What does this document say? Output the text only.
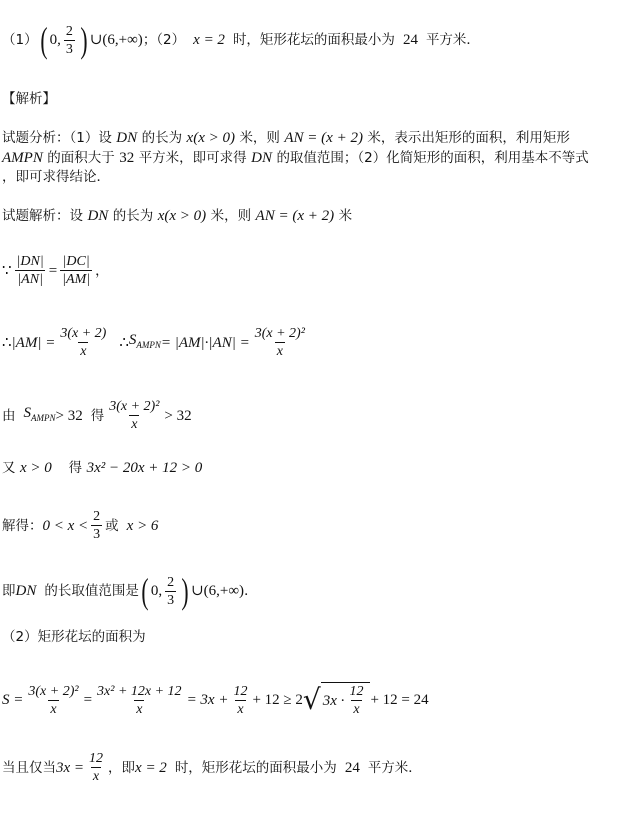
（1） ( 0, $\frac{2}{3}$ ) ∪(6,+∞) ；（2） x = 2 时，矩形花坛的面积最小为 24 平方米．
【解析】
试题分析：（1）设 DN 的长为 x(x > 0) 米，则 AN = (x + 2) 米，表示出矩形的面积，利用矩形
AMPN 的面积大于 32 平方米，即可求得 DN 的取值范围；（2）化简矩形的面积，利用基本不等式
，即可求得结论．
试题解析：设 DN 的长为 x(x > 0) 米，则 AN = (x + 2) 米
∵ $\frac{|DN|}{|AN|} = \frac{|DC|}{|AM|}$ ，
∴ $|AM| = \frac{3(x + 2)}{x}$ ∴ $S_{AMPN} = |AM|\cdot|AN| = \frac{\text{3(x + 2)²}}{x}$
由 $S_{AMPN} > 32$ 得 $\frac{\text{3(x + 2)²}}{x} > 32$
又 x > 0 得 3x² − 20x + 12 > 0
解得： $0 < x < \frac{2}{3}$ 或 x > 6
即 DN 的长取值范围是 ( 0, $\frac{2}{3}$ ) ∪(6,+∞) ．
（2）矩形花坛的面积为
$S = \frac{\text{3(x + 2)²}}{x} = \frac{\text{3x² + 12x + 12}}{x} = 3x + \frac{12}{x} + 12 \ge 2$ √ $3x \cdot \frac{12}{x} + 12 = 24$
当且仅当 $3x = \frac{12}{x}$ ，即 x = 2 时，矩形花坛的面积最小为 24 平方米．
